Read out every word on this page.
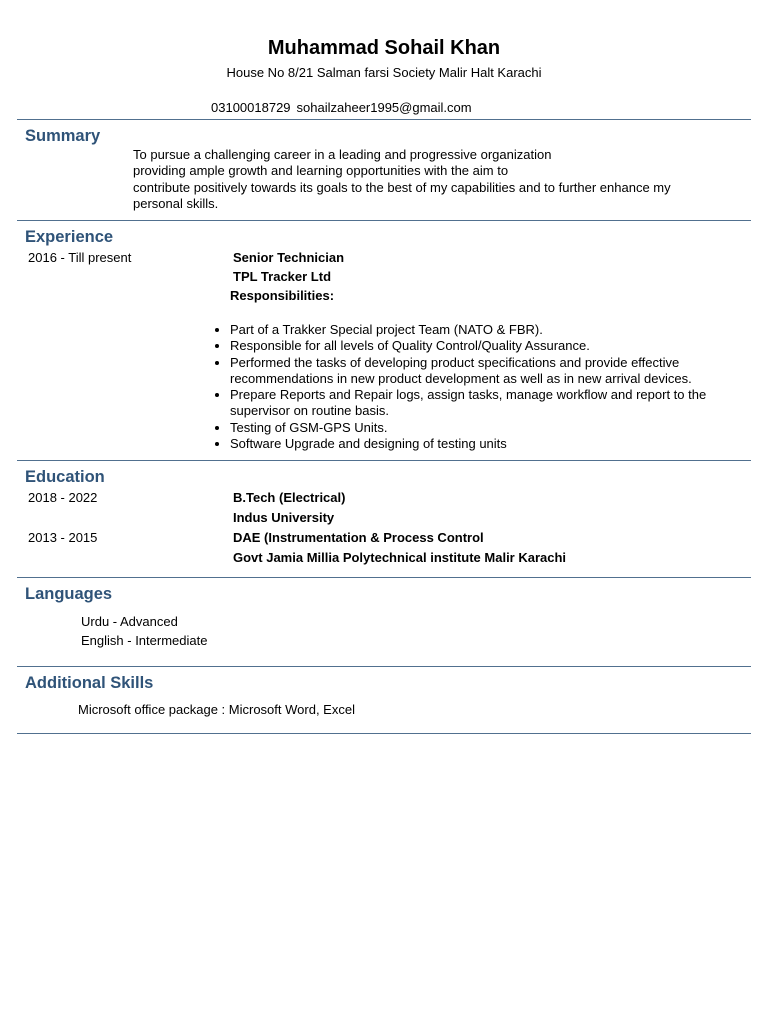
Muhammad Sohail Khan
House No 8/21 Salman farsi Society Malir Halt Karachi
03100018729 sohailzaheer1995@gmail.com
Summary
To pursue a challenging career in a leading and progressive organization
providing ample growth and learning opportunities with the aim to
contribute positively towards its goals to the best of my capabilities and to further enhance my
personal skills.
Experience
2016 - Till present	Senior Technician
TPL Tracker Ltd
Responsibilities:
• Part of a Trakker Special project Team (NATO & FBR).
• Responsible for all levels of Quality Control/Quality Assurance.
• Performed the tasks of developing product specifications and provide effective recommendations in new product development as well as in new arrival devices.
• Prepare Reports and Repair logs, assign tasks, manage workflow and report to the supervisor on routine basis.
• Testing of GSM-GPS Units.
• Software Upgrade and designing of testing units
Education
2018 - 2022	B.Tech (Electrical)
Indus University
2013 - 2015	DAE (Instrumentation & Process Control
Govt Jamia Millia Polytechnical institute Malir Karachi
Languages
Urdu - Advanced
English - Intermediate
Additional Skills
Microsoft office package : Microsoft Word, Excel
